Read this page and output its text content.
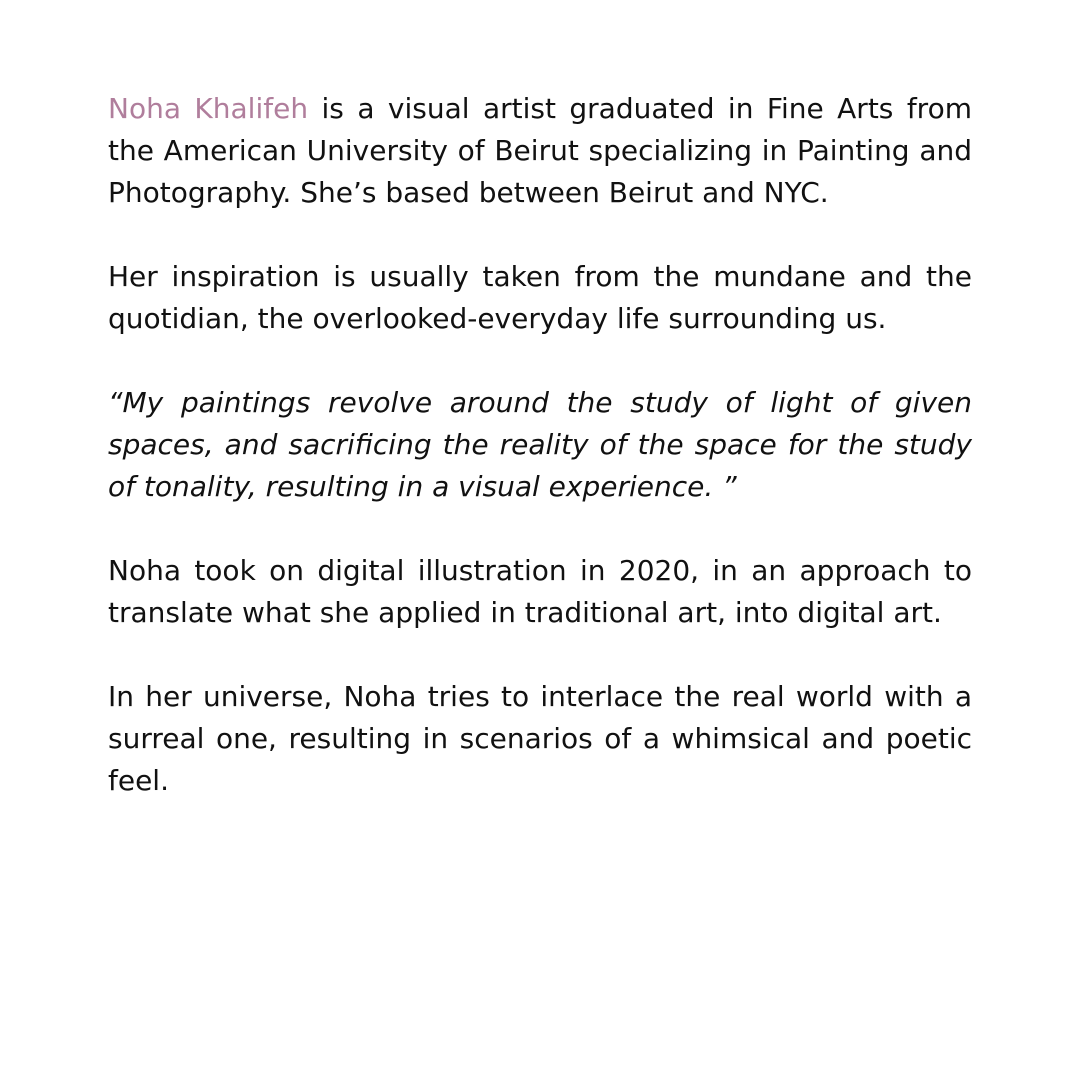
Noha Khalifeh is a visual artist graduated in Fine Arts from the American University of Beirut specializing in Painting and Photography. She’s based between Beirut and NYC.

Her inspiration is usually taken from the mundane and the quotidian, the overlooked-everyday life surrounding us.

“My paintings revolve around the study of light of given spaces, and sacrificing the reality of the space for the study of tonality, resulting in a visual experience. ”

Noha took on digital illustration in 2020, in an approach to translate what she applied in traditional art, into digital art.

In her universe, Noha tries to interlace the real world with a surreal one, resulting in scenarios of a whimsical and poetic feel.
